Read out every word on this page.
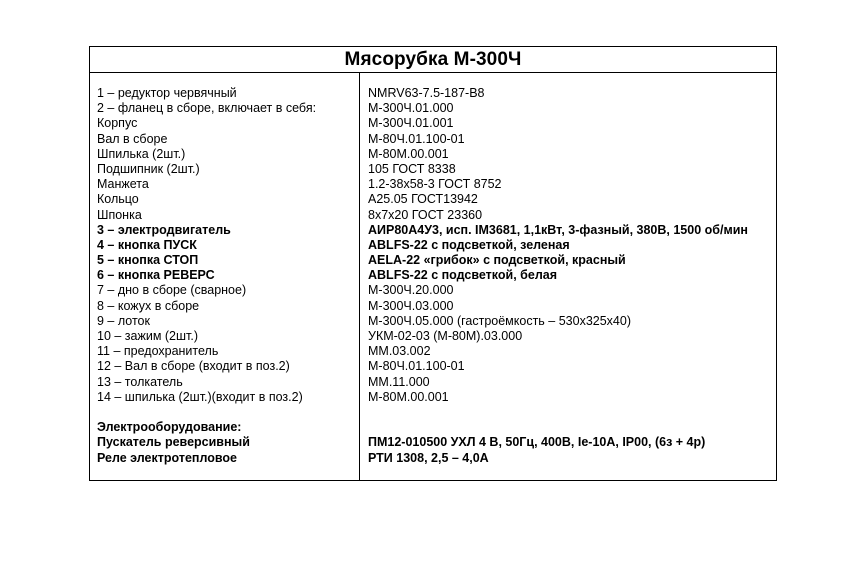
Мясорубка М-300Ч
1 – редуктор червячный
2 – фланец в сборе, включает в себя:
Корпус
Вал в сборе
Шпилька (2шт.)
Подшипник (2шт.)
Манжета
Кольцо
Шпонка
3 – электродвигатель
4 – кнопка ПУСК
5 – кнопка СТОП
6 – кнопка РЕВЕРС
7 – дно в сборе (сварное)
8 – кожух в сборе
9 – лоток
10 – зажим (2шт.)
11 – предохранитель
12 – Вал в сборе (входит в поз.2)
13 – толкатель
14 – шпилька (2шт.)(входит в поз.2)
Электрооборудование:
Пускатель реверсивный
Реле электротепловое
NMRV63-7.5-187-B8
М-300Ч.01.000
М-300Ч.01.001
М-80Ч.01.100-01
М-80М.00.001
105 ГОСТ 8338
1.2-38х58-3 ГОСТ 8752
А25.05 ГОСТ13942
8х7х20 ГОСТ 23360
АИР80А4У3, исп. IM3681, 1,1кВт, 3-фазный, 380В, 1500 об/мин
ABLFS-22 с подсветкой, зеленая
AELA-22 «грибок» с подсветкой, красный
ABLFS-22 с подсветкой, белая
М-300Ч.20.000
М-300Ч.03.000
М-300Ч.05.000 (гастроёмкость – 530х325х40)
УКМ-02-03 (М-80М).03.000
ММ.03.002
М-80Ч.01.100-01
ММ.11.000
М-80М.00.001
ПМ12-010500 УХЛ 4 В, 50Гц, 400В, Ie-10A, IP00, (6з + 4р)
РТИ 1308, 2,5 – 4,0А
